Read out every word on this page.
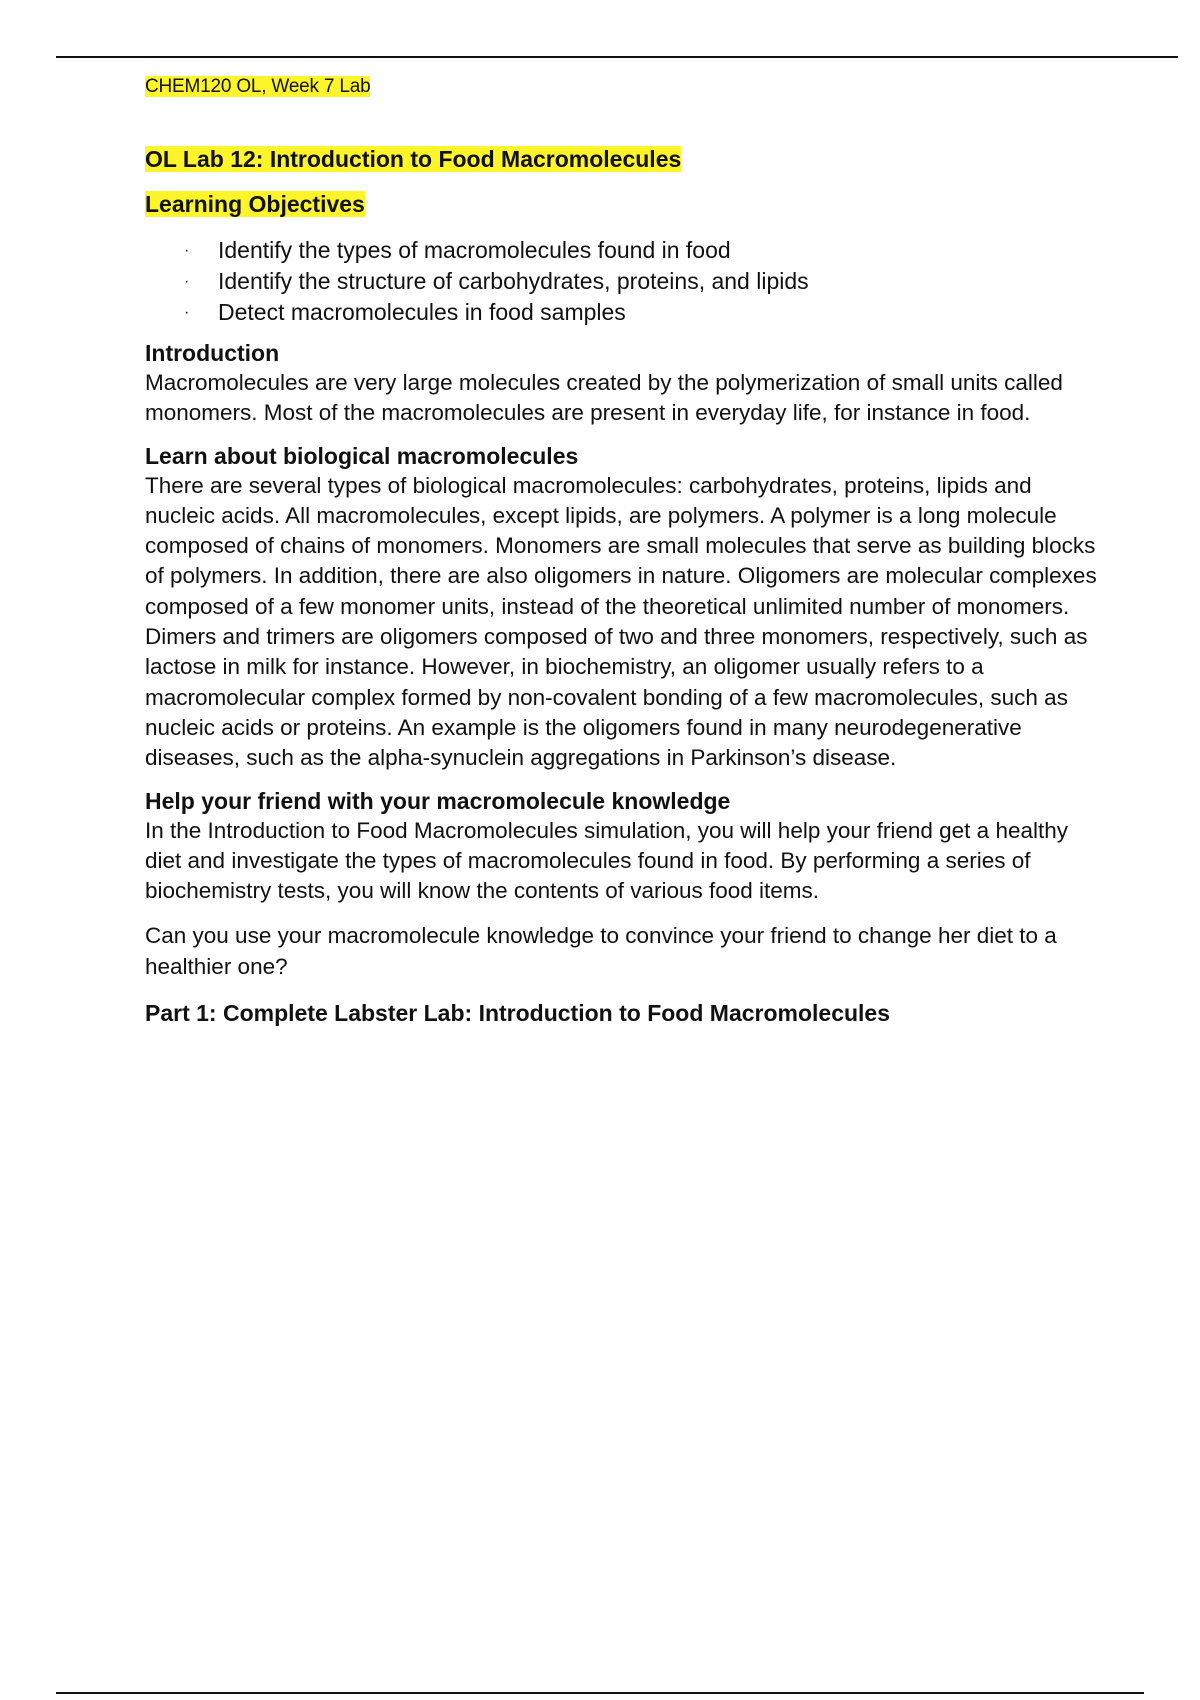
CHEM120 OL, Week 7 Lab

OL Lab 12: Introduction to Food Macromolecules

Learning Objectives

· Identify the types of macromolecules found in food
· Identify the structure of carbohydrates, proteins, and lipids
· Detect macromolecules in food samples

Introduction

Macromolecules are very large molecules created by the polymerization of small units called monomers. Most of the macromolecules are present in everyday life, for instance in food.

Learn about biological macromolecules

There are several types of biological macromolecules: carbohydrates, proteins, lipids and nucleic acids. All macromolecules, except lipids, are polymers. A polymer is a long molecule composed of chains of monomers. Monomers are small molecules that serve as building blocks of polymers. In addition, there are also oligomers in nature. Oligomers are molecular complexes composed of a few monomer units, instead of the theoretical unlimited number of monomers. Dimers and trimers are oligomers composed of two and three monomers, respectively, such as lactose in milk for instance. However, in biochemistry, an oligomer usually refers to a macromolecular complex formed by non-covalent bonding of a few macromolecules, such as nucleic acids or proteins. An example is the oligomers found in many neurodegenerative diseases, such as the alpha-synuclein aggregations in Parkinson’s disease.

Help your friend with your macromolecule knowledge

In the Introduction to Food Macromolecules simulation, you will help your friend get a healthy diet and investigate the types of macromolecules found in food. By performing a series of biochemistry tests, you will know the contents of various food items.

Can you use your macromolecule knowledge to convince your friend to change her diet to a healthier one?

Part 1: Complete Labster Lab: Introduction to Food Macromolecules
